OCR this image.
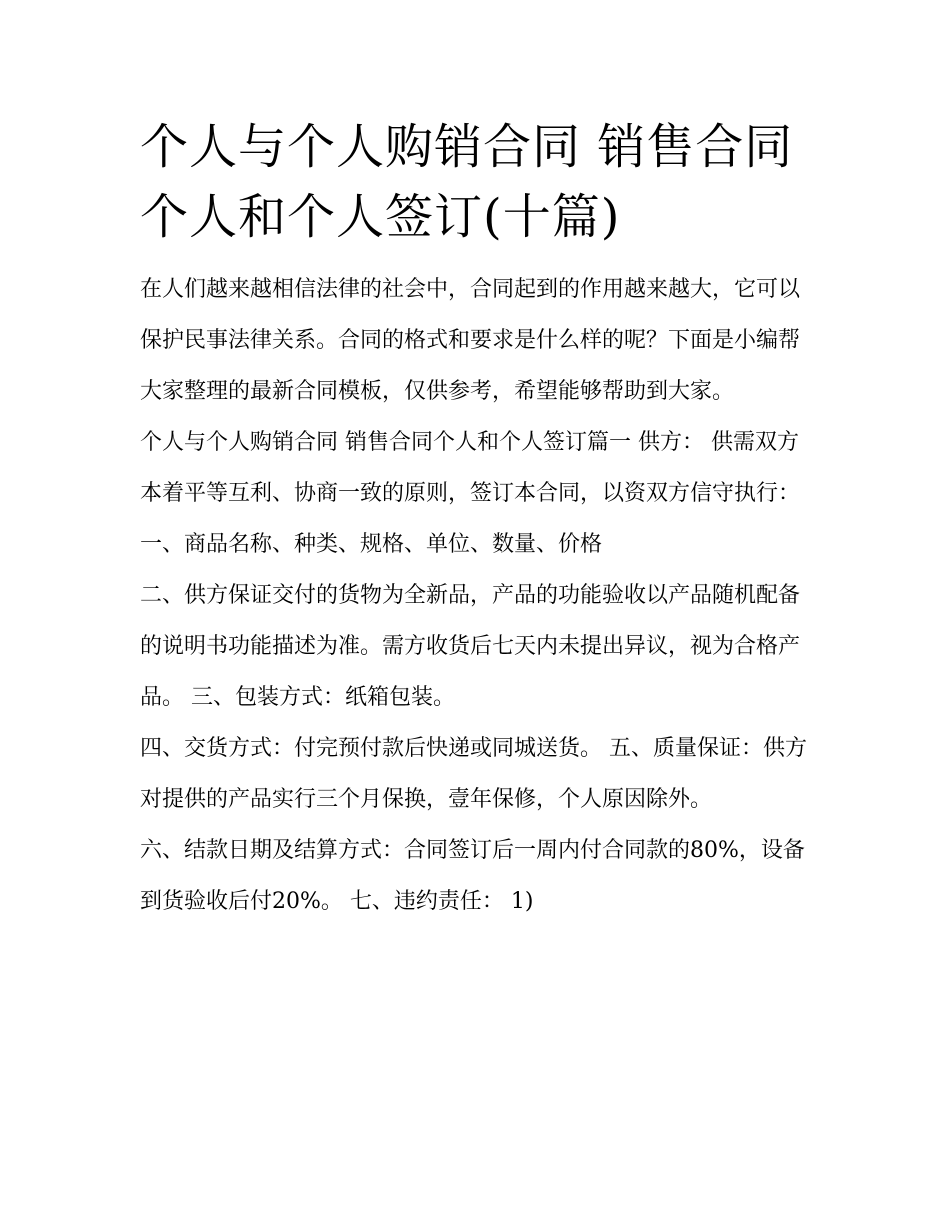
个人与个人购销合同 销售合同个人和个人签订(十篇)

在人们越来越相信法律的社会中，合同起到的作用越来越大，它可以保护民事法律关系。合同的格式和要求是什么样的呢？下面是小编帮大家整理的最新合同模板，仅供参考，希望能够帮助到大家。

个人与个人购销合同 销售合同个人和个人签订篇一 供方： 供需双方本着平等互利、协商一致的原则，签订本合同，以资双方信守执行：

一、商品名称、种类、规格、单位、数量、价格

二、供方保证交付的货物为全新品，产品的功能验收以产品随机配备的说明书功能描述为准。需方收货后七天内未提出异议，视为合格产品。 三、包装方式：纸箱包装。

四、交货方式：付完预付款后快递或同城送货。 五、质量保证：供方对提供的产品实行三个月保换，壹年保修，个人原因除外。

六、结款日期及结算方式：合同签订后一周内付合同款的80%，设备到货验收后付20%。 七、违约责任： 1)
